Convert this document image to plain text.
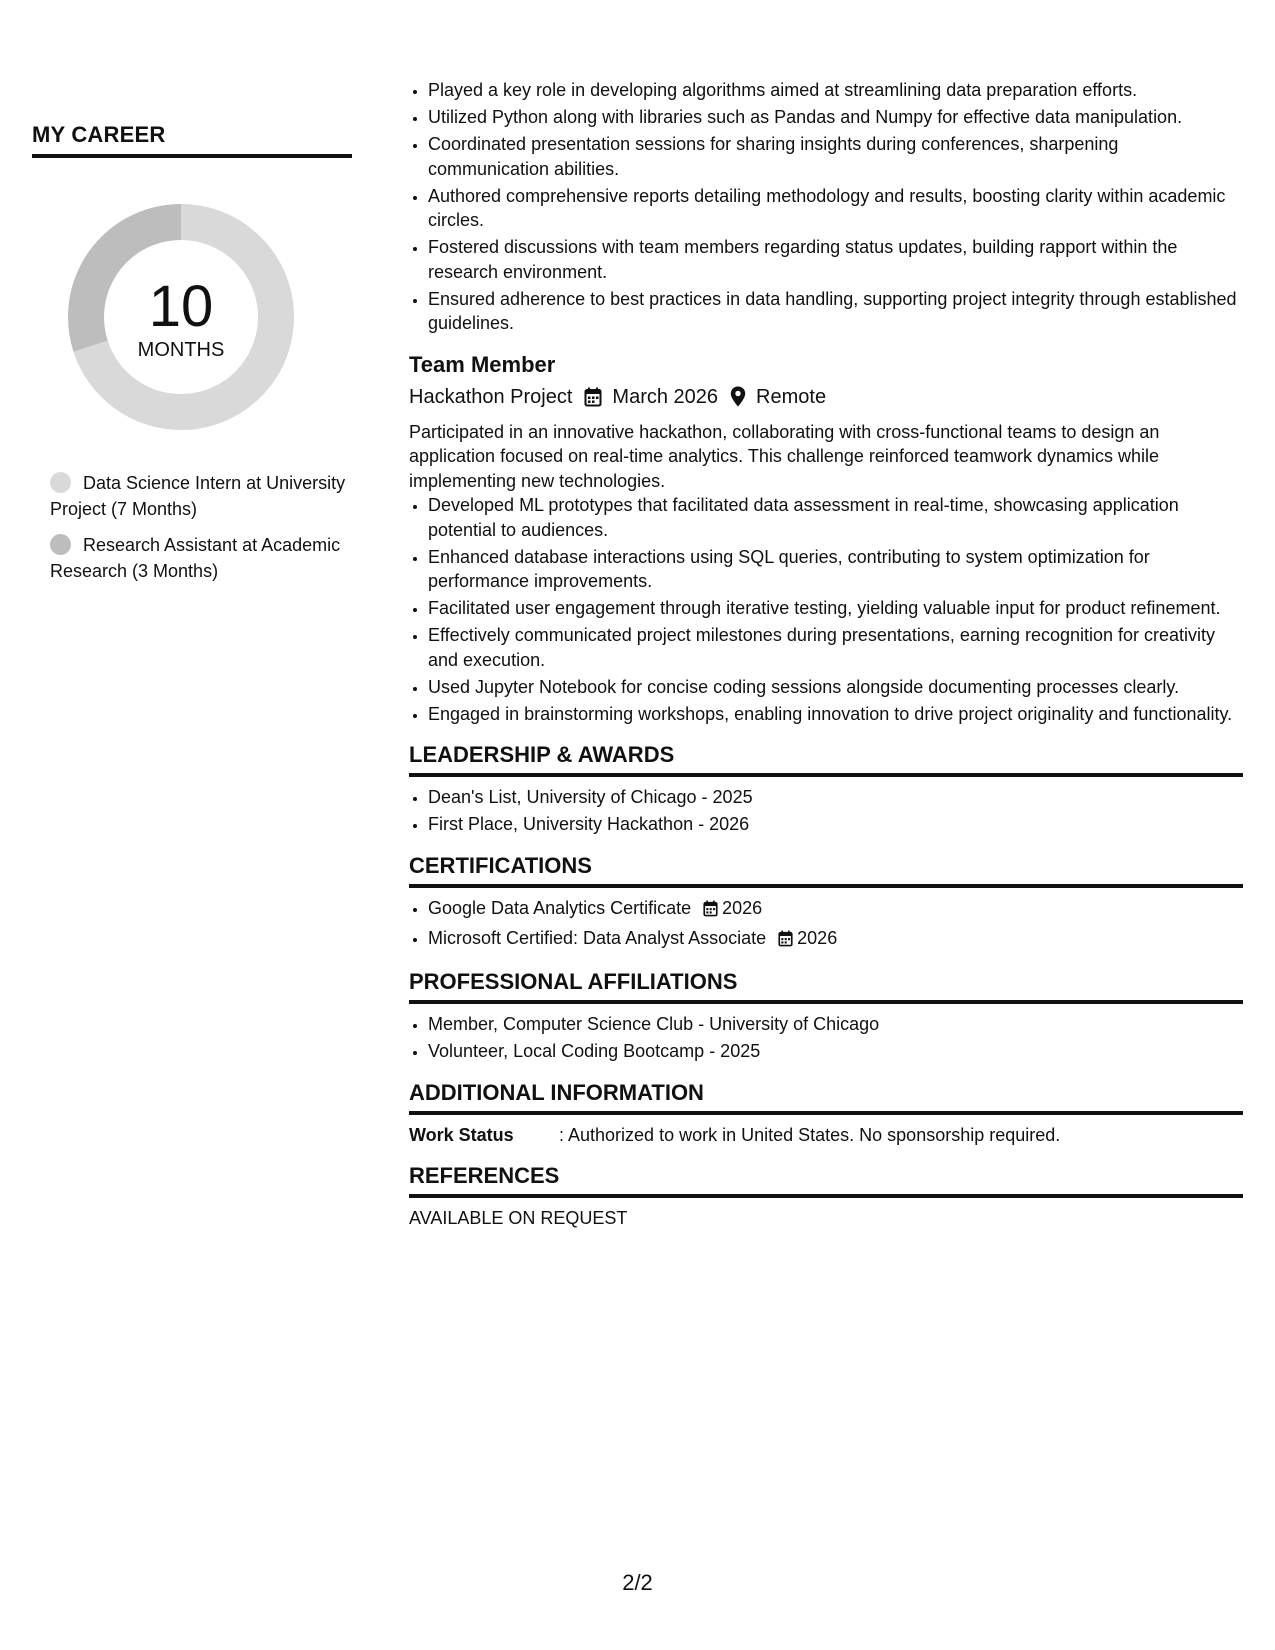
MY CAREER
10
MONTHS
Data Science Intern at University Project (7 Months)
Research Assistant at Academic Research (3 Months)
• Played a key role in developing algorithms aimed at streamlining data preparation efforts.
• Utilized Python along with libraries such as Pandas and Numpy for effective data manipulation.
• Coordinated presentation sessions for sharing insights during conferences, sharpening communication abilities.
• Authored comprehensive reports detailing methodology and results, boosting clarity within academic circles.
• Fostered discussions with team members regarding status updates, building rapport within the research environment.
• Ensured adherence to best practices in data handling, supporting project integrity through established guidelines.
Team Member
Hackathon Project March 2026 Remote
Participated in an innovative hackathon, collaborating with cross-functional teams to design an application focused on real-time analytics. This challenge reinforced teamwork dynamics while implementing new technologies.
• Developed ML prototypes that facilitated data assessment in real-time, showcasing application potential to audiences.
• Enhanced database interactions using SQL queries, contributing to system optimization for performance improvements.
• Facilitated user engagement through iterative testing, yielding valuable input for product refinement.
• Effectively communicated project milestones during presentations, earning recognition for creativity and execution.
• Used Jupyter Notebook for concise coding sessions alongside documenting processes clearly.
• Engaged in brainstorming workshops, enabling innovation to drive project originality and functionality.
LEADERSHIP & AWARDS
• Dean's List, University of Chicago - 2025
• First Place, University Hackathon - 2026
CERTIFICATIONS
• Google Data Analytics Certificate 2026
• Microsoft Certified: Data Analyst Associate 2026
PROFESSIONAL AFFILIATIONS
• Member, Computer Science Club - University of Chicago
• Volunteer, Local Coding Bootcamp - 2025
ADDITIONAL INFORMATION
Work Status	: Authorized to work in United States. No sponsorship required.
REFERENCES
AVAILABLE ON REQUEST
2/2
